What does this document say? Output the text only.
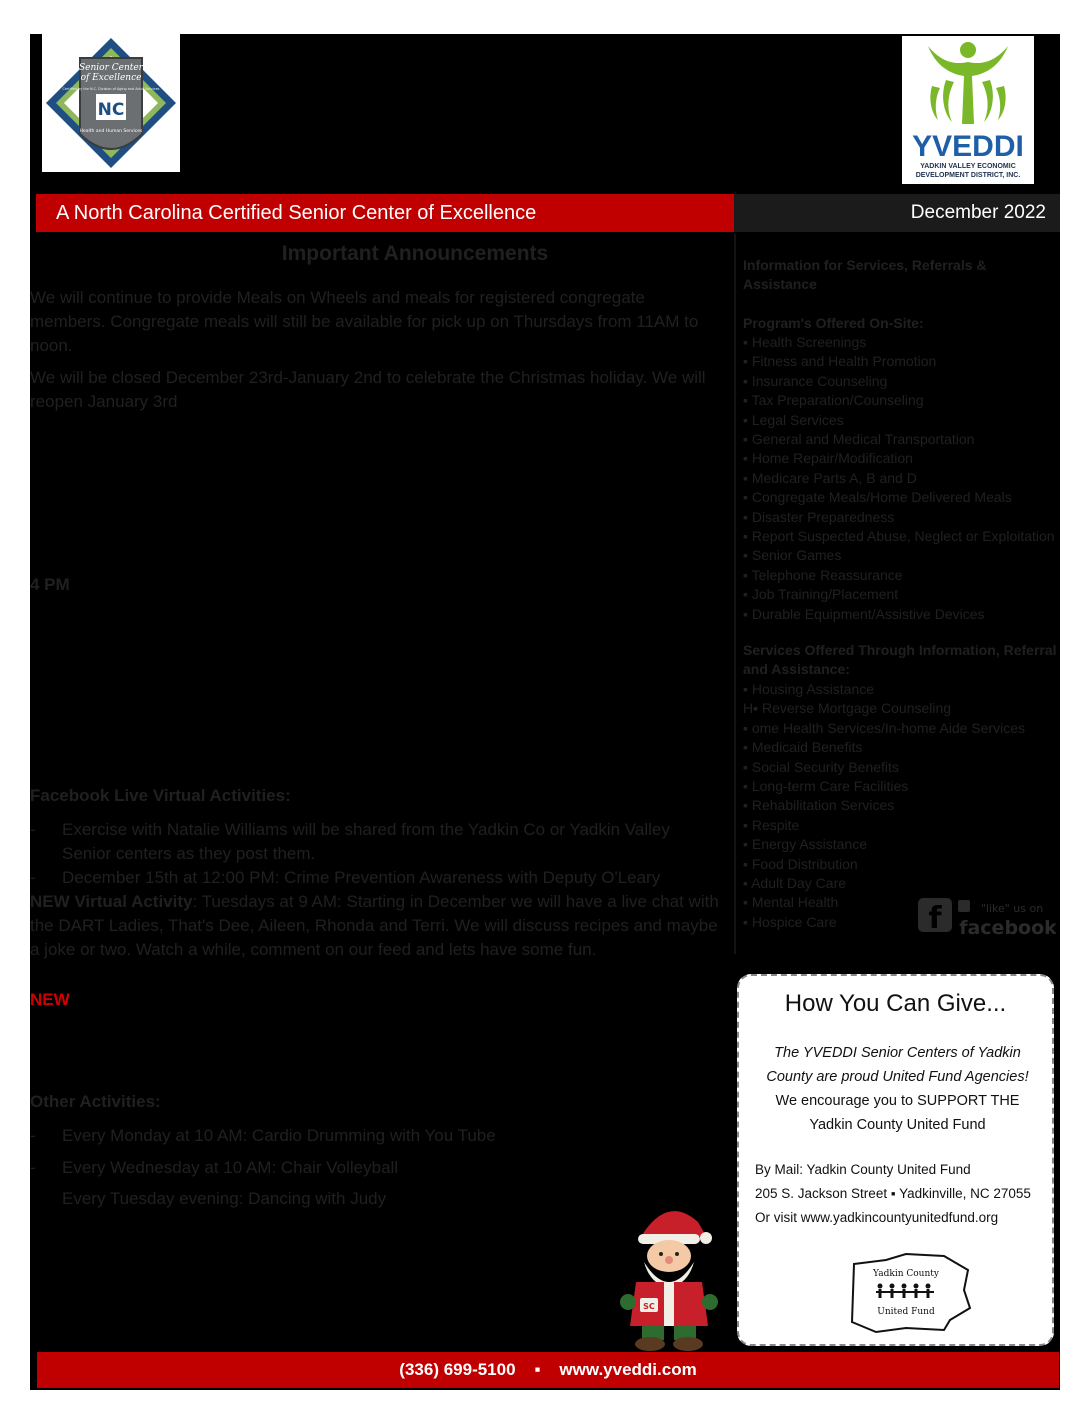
Senior Center
of Excellence
Certified by the N.C. Division of Aging and Adult Services
NC
Health and Human Services	YVEDDI
YADKIN VALLEY ECONOMIC
DEVELOPMENT DISTRICT, INC.
A North Carolina Certified Senior Center of Excellence	December 2022
Important Announcements
We will continue to provide Meals on Wheels and meals for registered congregate members. Congregate meals will still be available for pick up on Thursdays from 11AM to noon.
We will be closed December 23rd-January 2nd to celebrate the Christmas holiday. We will reopen January 3rd
4 PM
Facebook Live Virtual Activities:
- Exercise with Natalie Williams will be shared from the Yadkin Co or Yadkin Valley Senior centers as they post them.
- December 15th at 12:00 PM: Crime Prevention Awareness with Deputy O'Leary
NEW Virtual Activity: Tuesdays at 9 AM: Starting in December we will have a live chat with the DART Ladies, That's Dee, Aileen, Rhonda and Terri. We will discuss recipes and maybe a joke or two. Watch a while, comment on our feed and lets have some fun.
NEW
Other Activities:
- Every Monday at 10 AM: Cardio Drumming with You Tube
- Every Wednesday at 10 AM: Chair Volleyball
Every Tuesday evening: Dancing with Judy
SC
Information for Services, Referrals & Assistance
Program's Offered On-Site:
▪ Health Screenings
▪ Fitness and Health Promotion
▪ Insurance Counseling
▪ Tax Preparation/Counseling
▪ Legal Services
▪ General and Medical Transportation
▪ Home Repair/Modification
▪ Medicare Parts A, B and D
▪ Congregate Meals/Home Delivered Meals
▪ Disaster Preparedness
▪ Report Suspected Abuse, Neglect or Exploitation
▪ Senior Games
▪ Telephone Reassurance
▪ Job Training/Placement
▪ Durable Equipment/Assistive Devices
Services Offered Through Information, Referral and Assistance:
▪ Housing Assistance
H▪ Reverse Mortgage Counseling
▪ ome Health Services/In-home Aide Services
▪ Medicaid Benefits
▪ Social Security Benefits
▪ Long-term Care Facilities
▪ Rehabilitation Services
▪ Respite
▪ Energy Assistance
▪ Food Distribution
▪ Adult Day Care
▪ Mental Health
▪ Hospice Care	f	"like" us on
facebook
How You Can Give...
The YVEDDI Senior Centers of Yadkin
County are proud United Fund Agencies!
We encourage you to SUPPORT THE
Yadkin County United Fund
By Mail: Yadkin County United Fund
205 S. Jackson Street ▪ Yadkinville, NC 27055
Or visit www.yadkincountyunitedfund.org
Yadkin County
United Fund
(336) 699-5100 ▪ www.yveddi.com
